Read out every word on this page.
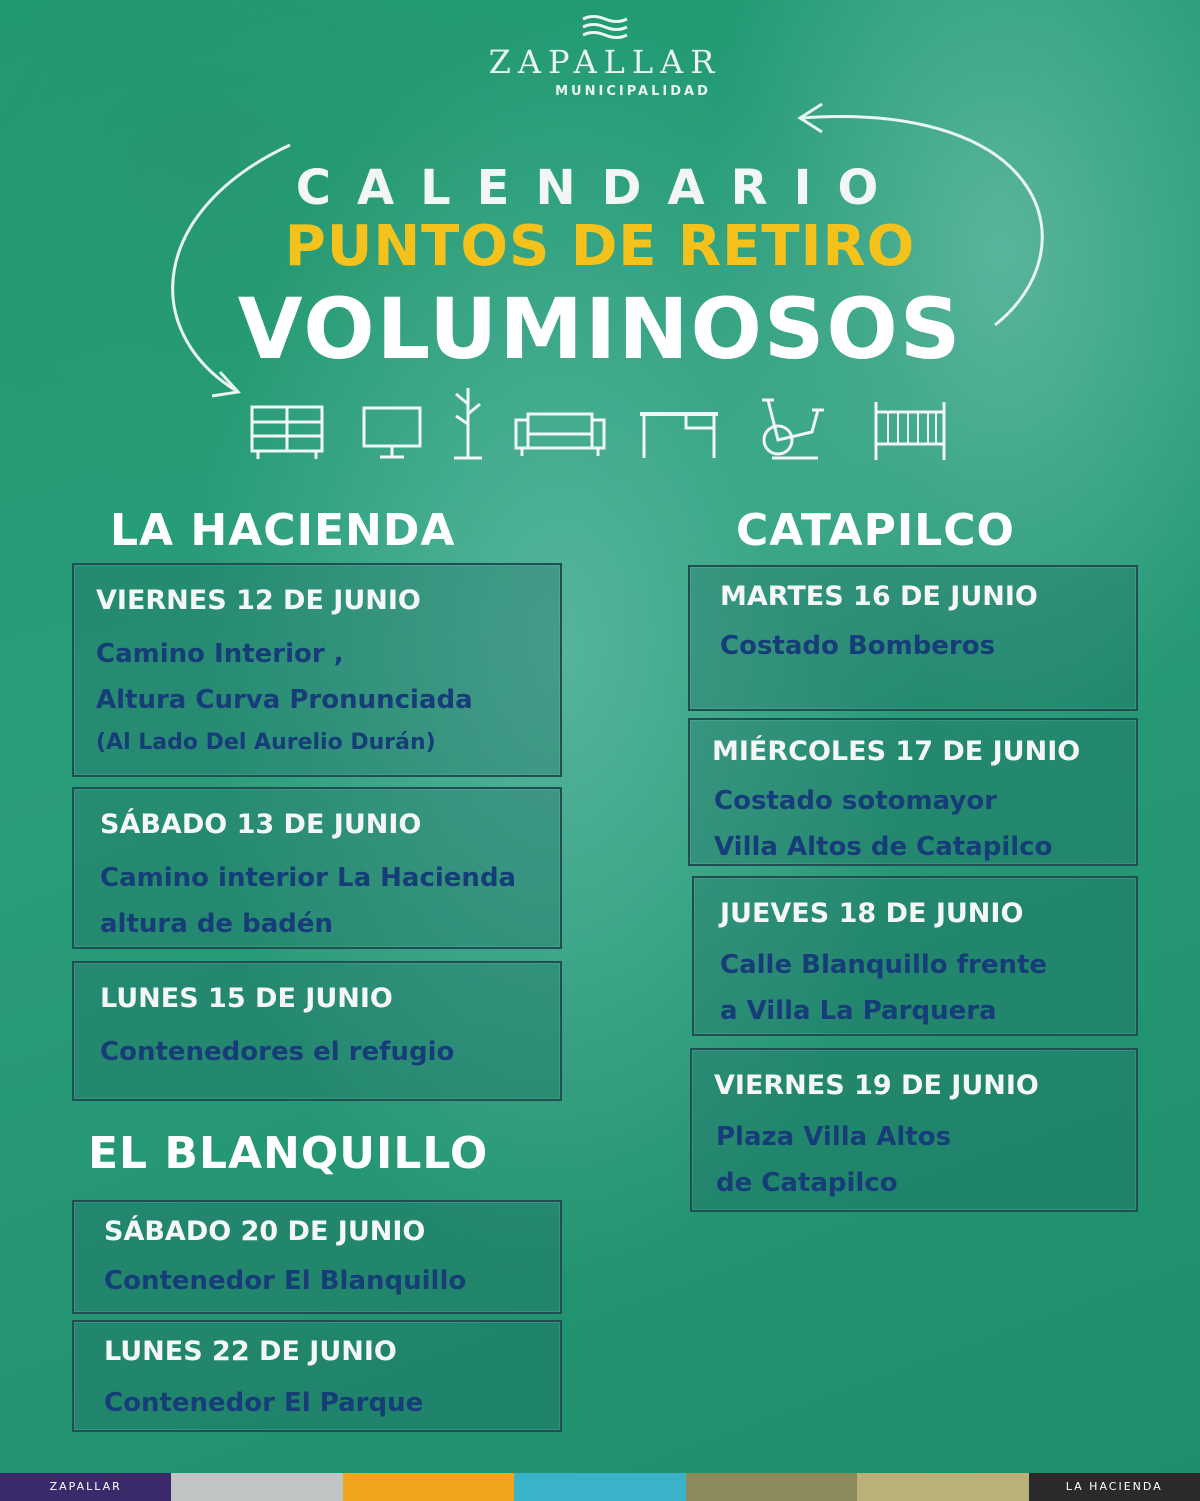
ZAPALLAR
MUNICIPALIDAD
CALENDARIO
PUNTOS DE RETIRO
VOLUMINOSOS
LA HACIENDA
VIERNES 12 DE JUNIO
Camino Interior ,
Altura Curva Pronunciada
(Al Lado Del Aurelio Durán)
SÁBADO 13 DE JUNIO
Camino interior La Hacienda
altura de badén
LUNES 15 DE JUNIO
Contenedores el refugio
EL BLANQUILLO
SÁBADO 20 DE JUNIO
Contenedor El Blanquillo
LUNES 22 DE JUNIO
Contenedor El Parque
CATAPILCO
MARTES 16 DE JUNIO
Costado Bomberos
MIÉRCOLES 17 DE JUNIO
Costado sotomayor
Villa Altos de Catapilco
JUEVES 18 DE JUNIO
Calle Blanquillo frente
a Villa La Parquera
VIERNES 19 DE JUNIO
Plaza Villa Altos
de Catapilco
ZAPALLAR	LA HACIENDA
